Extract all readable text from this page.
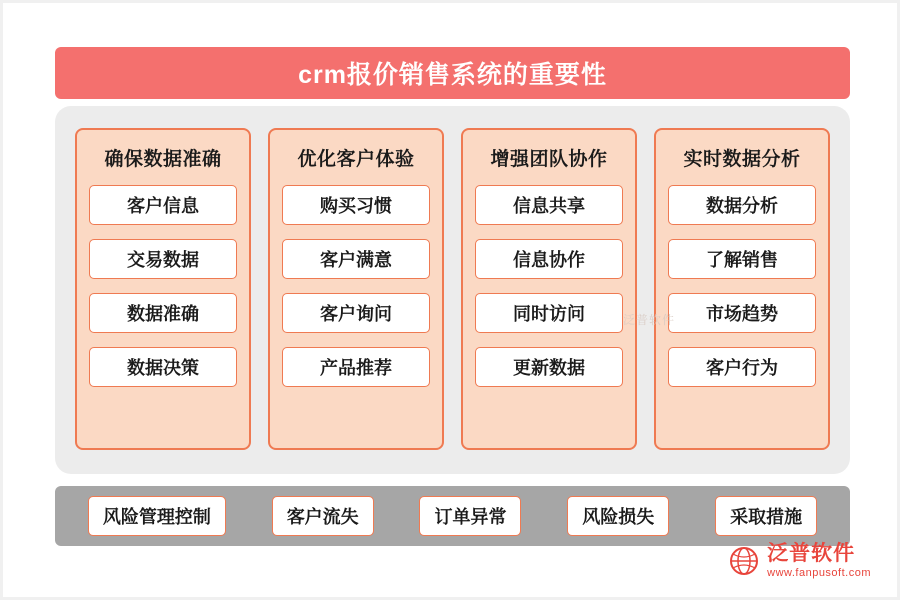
crm报价销售系统的重要性
确保数据准确
客户信息
交易数据
数据准确
数据决策
优化客户体验
购买习惯
客户满意
客户询问
产品推荐
增强团队协作
信息共享
信息协作
同时访问
更新数据
实时数据分析
数据分析
了解销售
市场趋势
客户行为
泛普软件
风险管理控制	客户流失	订单异常	风险损失	采取措施
泛普软件
www.fanpusoft.com
